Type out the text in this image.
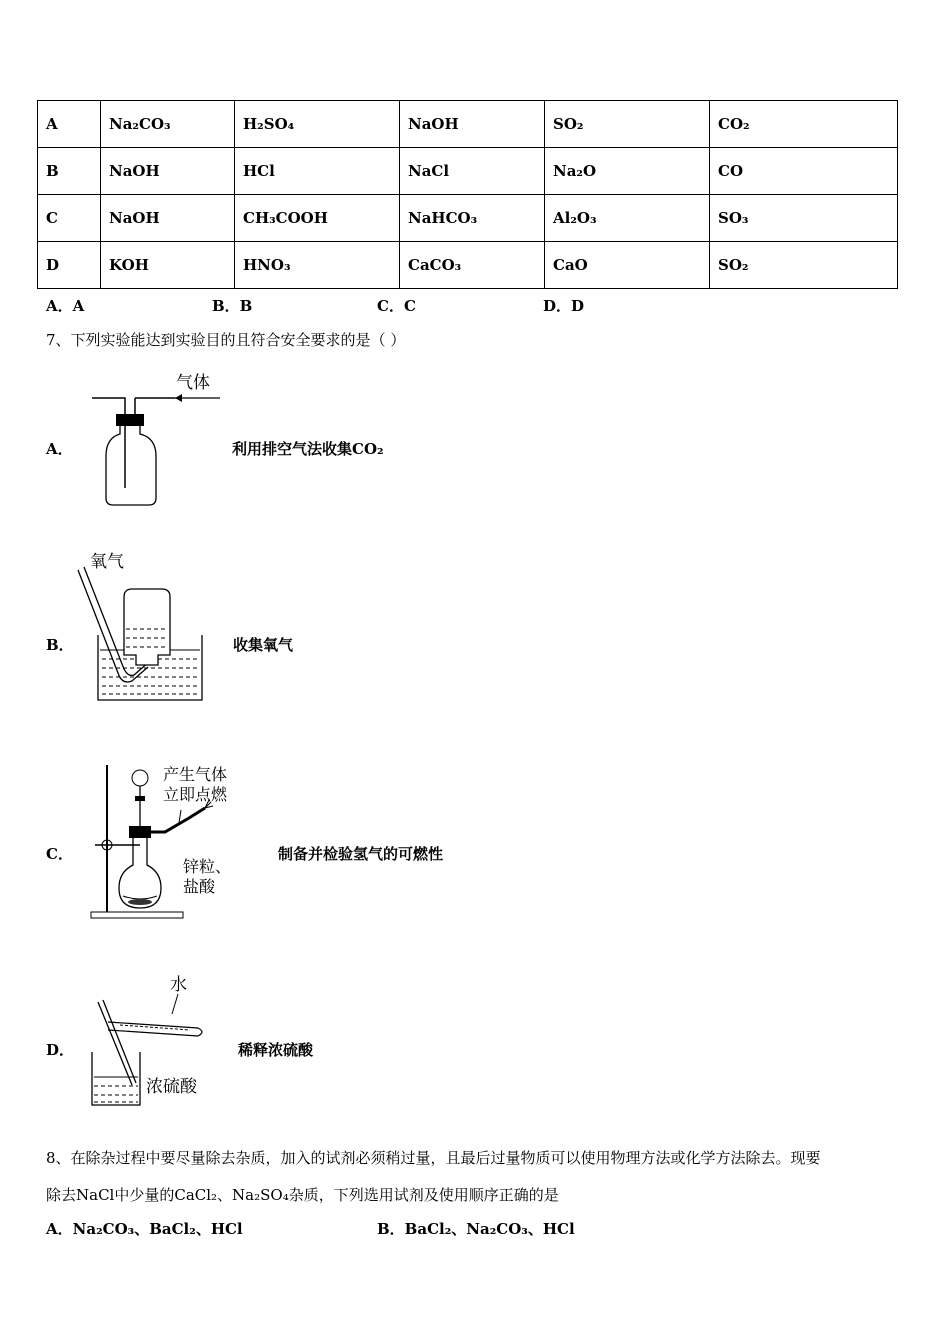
A	Na₂CO₃	H₂SO₄	NaOH	SO₂	CO₂
B	NaOH	HCl	NaCl	Na₂O	CO
C	NaOH	CH₃COOH	NaHCO₃	Al₂O₃	SO₃
D	KOH	HNO₃	CaCO₃	CaO	SO₂
A．A	B．B	C．C	D．D
7、下列实验能达到实验目的且符合安全要求的是（ ）
A．
气体
利用排空气法收集CO₂
B．
氧气
收集氧气
C．
产生气体
立即点燃
锌粒、
盐酸
制备并检验氢气的可燃性
D．
水
浓硫酸
稀释浓硫酸
8、在除杂过程中要尽量除去杂质，加入的试剂必须稍过量，且最后过量物质可以使用物理方法或化学方法除去。现要
除去NaCl中少量的CaCl₂、Na₂SO₄杂质，下列选用试剂及使用顺序正确的是
A．Na₂CO₃、BaCl₂、HCl	B．BaCl₂、Na₂CO₃、HCl
